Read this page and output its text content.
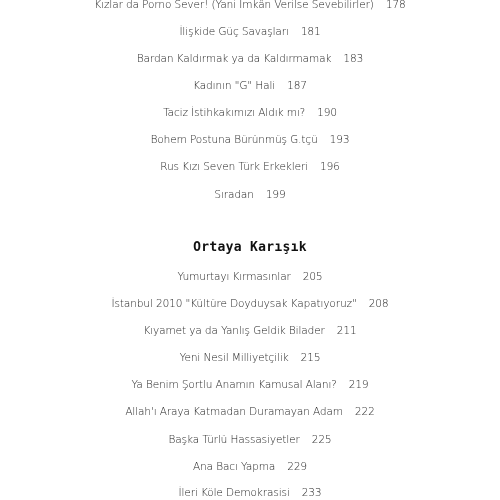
Kızlar da Porno Sever! (Yani İmkân Verilse Sevebilirler) 178
İlişkide Güç Savaşları 181
Bardan Kaldırmak ya da Kaldırmamak 183
Kadının "G" Hali 187
Taciz İstihkakımızı Aldık mı? 190
Bohem Postuna Bürünmüş G.tçü 193
Rus Kızı Seven Türk Erkekleri 196
Sıradan 199
Ortaya Karışık
Yumurtayı Kırmasınlar 205
İstanbul 2010 "Kültüre Doyduysak Kapatıyoruz" 208
Kıyamet ya da Yanlış Geldik Bilader 211
Yeni Nesil Milliyetçilik 215
Ya Benim Şortlu Anamın Kamusal Alanı? 219
Allah'ı Araya Katmadan Duramayan Adam 222
Başka Türlü Hassasiyetler 225
Ana Bacı Yapma 229
İleri Köle Demokrasisi 233
